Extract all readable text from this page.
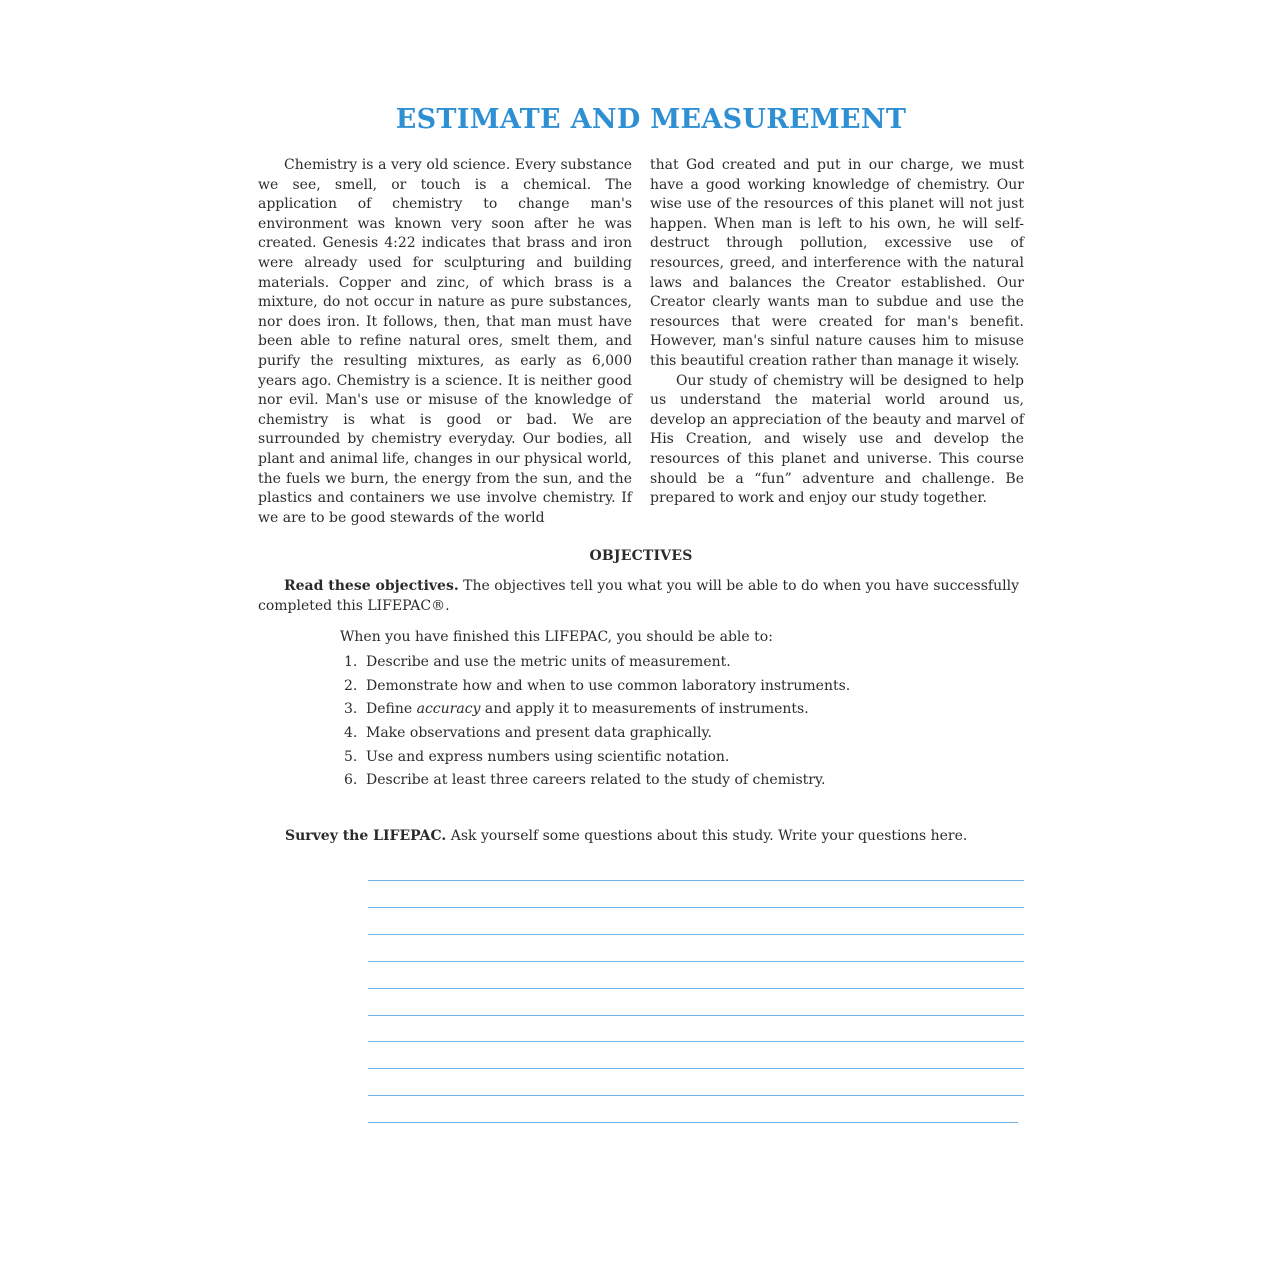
ESTIMATE AND MEASUREMENT

Chemistry is a very old science. Every substance we see, smell, or touch is a chemical. The application of chemistry to change man's environment was known very soon after he was created. Genesis 4:22 indicates that brass and iron were already used for sculpturing and building materials. Copper and zinc, of which brass is a mixture, do not occur in nature as pure substances, nor does iron. It follows, then, that man must have been able to refine natural ores, smelt them, and purify the resulting mixtures, as early as 6,000 years ago. Chemistry is a science. It is neither good nor evil. Man's use or misuse of the knowledge of chemistry is what is good or bad. We are surrounded by chemistry everyday. Our bodies, all plant and animal life, changes in our physical world, the fuels we burn, the energy from the sun, and the plastics and containers we use involve chemistry. If we are to be good stewards of the world

that God created and put in our charge, we must have a good working knowledge of chemistry. Our wise use of the resources of this planet will not just happen. When man is left to his own, he will self-destruct through pollution, excessive use of resources, greed, and interference with the natural laws and balances the Creator established. Our Creator clearly wants man to subdue and use the resources that were created for man's benefit. However, man's sinful nature causes him to misuse this beautiful creation rather than manage it wisely.

Our study of chemistry will be designed to help us understand the material world around us, develop an appreciation of the beauty and marvel of His Creation, and wisely use and develop the resources of this planet and universe. This course should be a “fun” adventure and challenge. Be prepared to work and enjoy our study together.

OBJECTIVES
Read these objectives. The objectives tell you what you will be able to do when you have successfully completed this LIFEPAC®.
When you have finished this LIFEPAC, you should be able to:
1. Describe and use the metric units of measurement.
2. Demonstrate how and when to use common laboratory instruments.
3. Define accuracy and apply it to measurements of instruments.
4. Make observations and present data graphically.
5. Use and express numbers using scientific notation.
6. Describe at least three careers related to the study of chemistry.
Survey the LIFEPAC. Ask yourself some questions about this study. Write your questions here.
